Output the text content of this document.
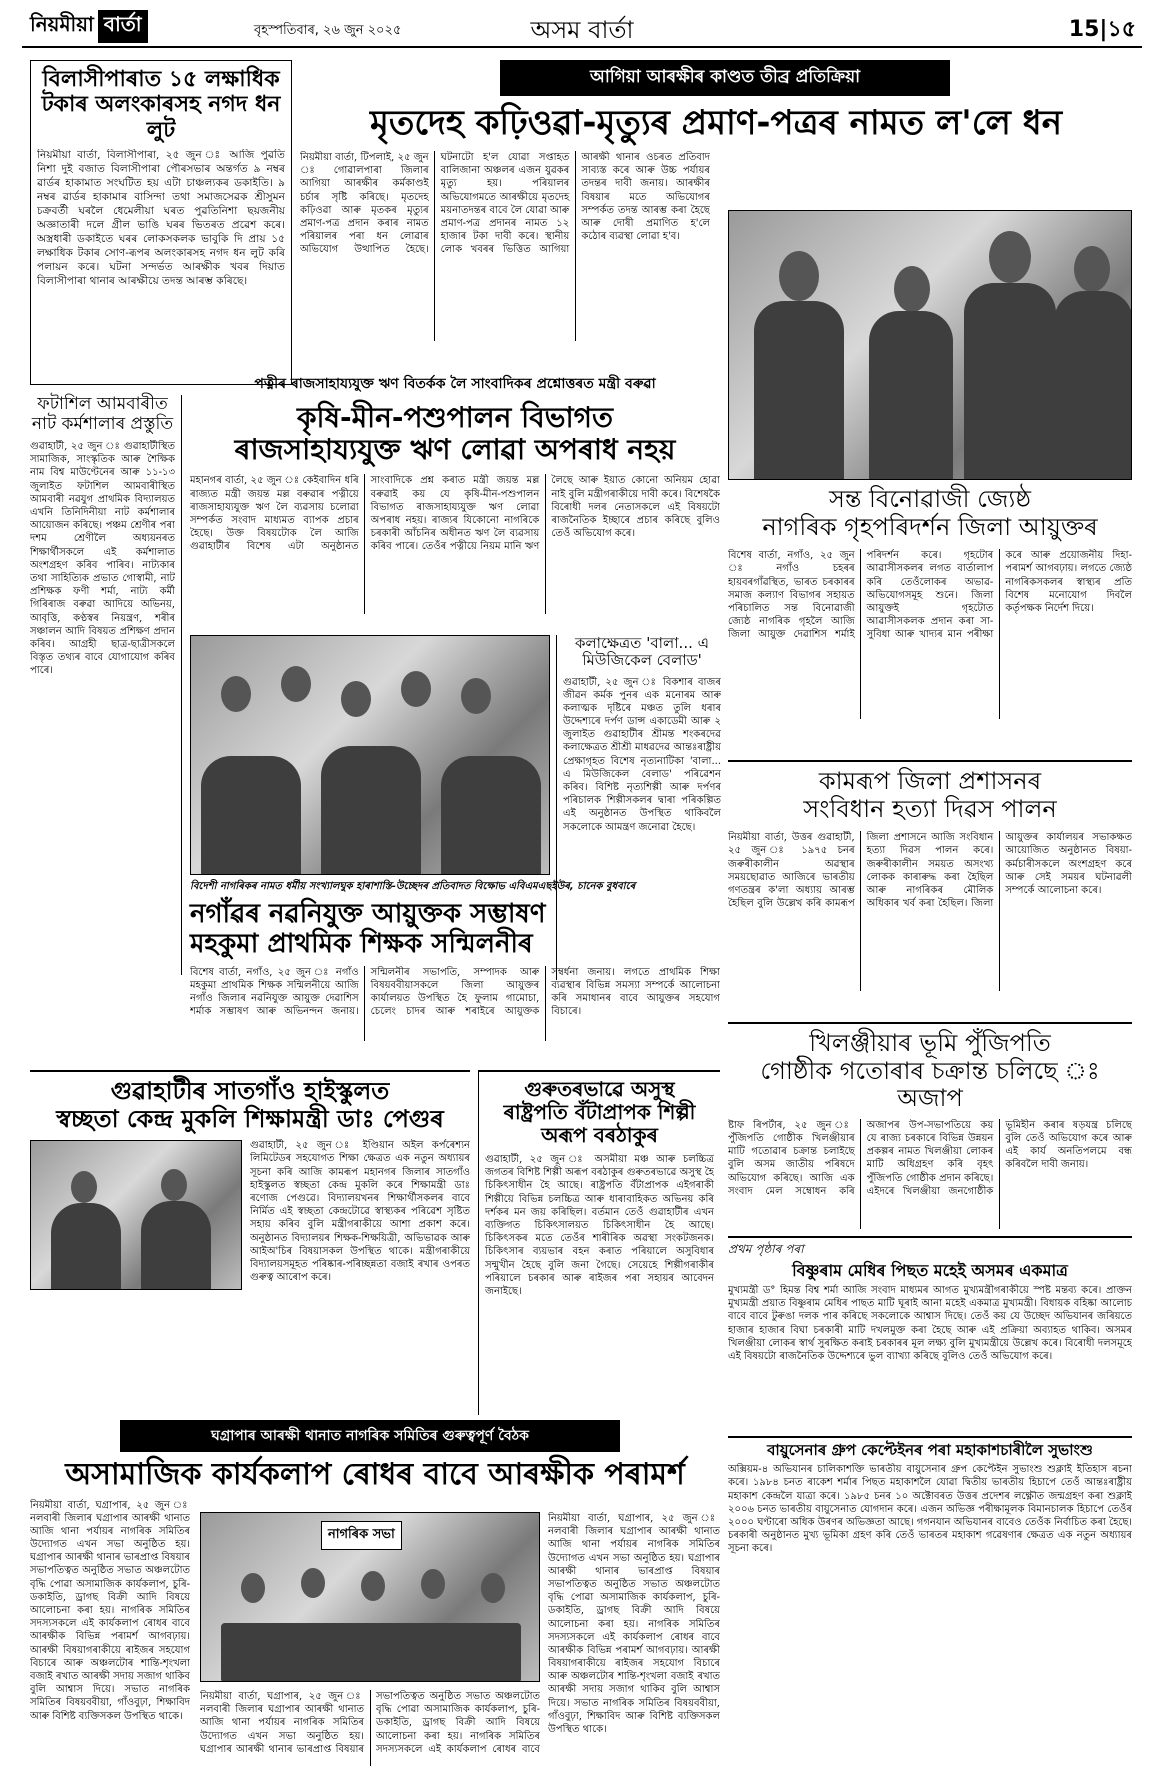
নিয়মীয়া বাৰ্তা	বৃহস্পতিবাৰ, ২৬ জুন ২০২৫	অসম বাৰ্তা	15|১৫
বিলাসীপাৰাত ১৫ লক্ষাধিক টকাৰ অলংকাৰসহ নগদ ধন লুট
নিয়মীয়া বাৰ্তা, বিলাসীপাৰা, ২৫ জুন ঃ আজি পুৱতি নিশা দুই বজাত বিলাসীপাৰা পৌৰসভাৰ অন্তৰ্গত ৯ নম্বৰ ৱাৰ্ডৰ হাকামাত সংঘটিত হয় এটা চাঞ্চল্যকৰ ডকাইতি। ৯ নম্বৰ ৱাৰ্ডৰ হাকামাৰ বাসিন্দা তথা সমাজসেৱক শ্ৰীসুমন চক্ৰবৰ্তী ঘৰলৈ ধেমেলীয়া ঘৰত পুৱতিনিশা ছয়জনীয় অজ্ঞাতাৰী দলে গ্ৰীল ভাঙি ঘৰৰ ভিতৰত প্ৰৱেশ কৰে। অস্ত্ৰধাৰী ডকাইতে ঘৰৰ লোকসকলক ভাবুকি দি প্ৰায় ১৫ লক্ষাধিক টকাৰ সোণ-ৰূপৰ অলংকাৰসহ নগদ ধন লুট কৰি পলায়ন কৰে। ঘটনা সন্দৰ্ভত আৰক্ষীক খবৰ দিয়াত বিলাসীপাৰা থানাৰ আৰক্ষীয়ে তদন্ত আৰম্ভ কৰিছে।
আগিয়া আৰক্ষীৰ কাণ্ডত তীব্ৰ প্ৰতিক্ৰিয়া
মৃতদেহ কঢ়িওৱা-মৃত্যুৰ প্ৰমাণ-পত্ৰৰ নামত ল'লে ধন
নিয়মীয়া বাৰ্তা, টিপলাই, ২৫ জুন ঃ গোৱালপাৰা জিলাৰ আগিয়া আৰক্ষীৰ কৰ্মকাণ্ডই চৰ্চাৰ সৃষ্টি কৰিছে। মৃতদেহ কঢ়িওৱা আৰু মৃতকৰ মৃত্যুৰ প্ৰমাণ-পত্ৰ প্ৰদান কৰাৰ নামত পৰিয়ালৰ পৰা ধন লোৱাৰ অভিযোগ উত্থাপিত হৈছে। ঘটনাটো হ'ল যোৱা সপ্তাহত বালিজানা অঞ্চলৰ এজন যুৱকৰ মৃত্যু হয়। পৰিয়ালৰ অভিযোগমতে আৰক্ষীয়ে মৃতদেহ ময়নাতদন্তৰ বাবে লৈ যোৱা আৰু প্ৰমাণ-পত্ৰ প্ৰদানৰ নামত ১২ হাজাৰ টকা দাবী কৰে। স্থানীয় লোক খবৰৰ ভিত্তিত আগিয়া আৰক্ষী থানাৰ ওচৰত প্ৰতিবাদ সাব্যস্ত কৰে আৰু উচ্চ পৰ্যায়ৰ তদন্তৰ দাবী জনায়। আৰক্ষীৰ বিষয়াৰ মতে অভিযোগৰ সম্পৰ্কত তদন্ত আৰম্ভ কৰা হৈছে আৰু দোষী প্ৰমাণিত হ'লে কঠোৰ ব্যৱস্থা লোৱা হ'ব।
পত্নীৰ ৰাজসাহায্যযুক্ত ঋণ বিতৰ্কক লৈ সাংবাদিকৰ প্ৰশ্নোত্তৰত মন্ত্ৰী বৰুৱা
কৃষি-মীন-পশুপালন বিভাগত
ৰাজসাহায্যযুক্ত ঋণ লোৱা অপৰাধ নহয়
মহানগৰ বাৰ্তা, ২৫ জুন ঃ কেইবাদিন ধৰি ৰাজ্যত মন্ত্ৰী জয়ন্ত মল্ল বৰুৱাৰ পত্নীয়ে ৰাজসাহায্যযুক্ত ঋণ লৈ ব্যৱসায় চলোৱা সম্পৰ্কত সংবাদ মাধ্যমত ব্যাপক প্ৰচাৰ হৈছে। উক্ত বিষয়টোক লৈ আজি গুৱাহাটীৰ বিশেষ এটা অনুষ্ঠানত সাংবাদিকে প্ৰশ্ন কৰাত মন্ত্ৰী জয়ন্ত মল্ল বৰুৱাই কয় যে কৃষি-মীন-পশুপালন বিভাগত ৰাজসাহায্যযুক্ত ঋণ লোৱা অপৰাধ নহয়। ৰাজ্যৰ যিকোনো নাগৰিকে চৰকাৰী আঁচনিৰ অধীনত ঋণ লৈ ব্যৱসায় কৰিব পাৰে। তেওঁৰ পত্নীয়ে নিয়ম মানি ঋণ লৈছে আৰু ইয়াত কোনো অনিয়ম হোৱা নাই বুলি মন্ত্ৰীগৰাকীয়ে দাবী কৰে। বিশেষকৈ বিৰোধী দলৰ নেতাসকলে এই বিষয়টো ৰাজনৈতিক ইচ্ছাৰে প্ৰচাৰ কৰিছে বুলিও তেওঁ অভিযোগ কৰে।
বিদেশী নাগৰিকৰ নামত ধৰ্মীয় সংখ্যালঘুক হাৰাশাস্তি-উচ্ছেদৰ প্ৰতিবাদত বিক্ষোভ এবিএমএছইউৰ, চানেক বুধবাৰে
কলাক্ষেত্ৰত 'বালা... এ মিউজিকেল বেলাড'
গুৱাহাটী, ২৫ জুন ঃ বিকশাৰ বাজৰ জীৱন কৰ্মক পুনৰ এক মনোৰম আৰু কলাত্মক দৃষ্টিৰে মঞ্চত তুলি ধৰাৰ উদ্দেশ্যৰে দৰ্পণ ডান্স একাডেমী আৰু ২ জুলাইত গুৱাহাটীৰ শ্ৰীমন্ত শংকৰদেৱ কলাক্ষেত্ৰত শ্ৰীশ্ৰী মাধৱদেৱ আন্তঃৰাষ্ট্ৰীয় প্ৰেক্ষাগৃহত বিশেষ নৃত্যনাটিকা 'বালা... এ মিউজিকেল বেলাড' পৰিৱেশন কৰিব। বিশিষ্ট নৃত্যশিল্পী আৰু দৰ্পণৰ পৰিচালক শিল্পীসকলৰ দ্বাৰা পৰিকল্পিত এই অনুষ্ঠানত উপস্থিত থাকিবলৈ সকলোকে আমন্ত্ৰণ জনোৱা হৈছে।
ফটাশিল আমবাৰীত নাট কৰ্মশালাৰ প্ৰস্তুতি
গুৱাহাটী, ২৫ জুন ঃ গুৱাহাটীস্থিত সামাজিক, সাংস্কৃতিক আৰু শৈক্ষিক নাম বিশ্ব মাউণ্টেনেৰ আৰু ১১-১৩ জুলাইত ফটাশিল আমবাৰীস্থিত আমবাৰী নৱযুগ প্ৰাথমিক বিদ্যালয়ত এখনি তিনিদিনীয়া নাট কৰ্মশালাৰ আয়োজন কৰিছে। পঞ্চম শ্ৰেণীৰ পৰা দশম শ্ৰেণীলৈ অধ্যয়নৰত শিক্ষাৰ্থীসকলে এই কৰ্মশালাত অংশগ্ৰহণ কৰিব পাৰিব। নাট্যকাৰ তথা সাহিত্যিক প্ৰভাত গোস্বামী, নাট প্ৰশিক্ষক ফণী শৰ্মা, নাট্য কৰ্মী গিৰিৰাজ বৰুৱা আদিয়ে অভিনয়, আবৃত্তি, কণ্ঠস্বৰ নিয়ন্ত্ৰণ, শৰীৰ সঞ্চালন আদি বিষয়ত প্ৰশিক্ষণ প্ৰদান কৰিব। আগ্ৰহী ছাত্ৰ-ছাত্ৰীসকলে বিস্তৃত তথ্যৰ বাবে যোগাযোগ কৰিব পাৰে।
সন্ত বিনোৱাজী জ্যেষ্ঠ
নাগৰিক গৃহপৰিদৰ্শন জিলা আয়ুক্তৰ
বিশেষ বাৰ্তা, নগাঁও, ২৫ জুন ঃ নগাঁও চহৰৰ হায়বৰগাঁৱস্থিত, ভাৰত চৰকাৰৰ সমাজ কল্যাণ বিভাগৰ সহায়ত পৰিচালিত সন্ত বিনোৱাজী জ্যেষ্ঠ নাগৰিক গৃহলৈ আজি জিলা আয়ুক্ত দেৱাশিস শৰ্মাই পৰিদৰ্শন কৰে। গৃহটোৰ আৱাসীসকলৰ লগত বাৰ্তালাপ কৰি তেওঁলোকৰ অভাৱ-অভিযোগসমূহ শুনে। জিলা আয়ুক্তই গৃহটোত আৱাসীসকলক প্ৰদান কৰা সা-সুবিধা আৰু খাদ্যৰ মান পৰীক্ষা কৰে আৰু প্ৰয়োজনীয় দিহা-পৰামৰ্শ আগবঢ়ায়। লগতে জ্যেষ্ঠ নাগৰিকসকলৰ স্বাস্থ্যৰ প্ৰতি বিশেষ মনোযোগ দিবলৈ কৰ্তৃপক্ষক নিৰ্দেশ দিয়ে।
কামৰূপ জিলা প্ৰশাসনৰ
সংবিধান হত্যা দিৱস পালন
নিয়মীয়া বাৰ্তা, উত্তৰ গুৱাহাটী, ২৫ জুন ঃ ১৯৭৫ চনৰ জৰুৰীকালীন অৱস্থাৰ সময়ছোৱাত আজিৰে ভাৰতীয় গণতন্ত্ৰৰ ক'লা অধ্যায় আৰম্ভ হৈছিল বুলি উল্লেখ কৰি কামৰূপ জিলা প্ৰশাসনে আজি সংবিধান হত্যা দিৱস পালন কৰে। জৰুৰীকালীন সময়ত অসংখ্য লোকক কাৰাৰুদ্ধ কৰা হৈছিল আৰু নাগৰিকৰ মৌলিক অধিকাৰ খৰ্ব কৰা হৈছিল। জিলা আয়ুক্তৰ কাৰ্যালয়ৰ সভাকক্ষত আয়োজিত অনুষ্ঠানত বিষয়া-কৰ্মচাৰীসকলে অংশগ্ৰহণ কৰে আৰু সেই সময়ৰ ঘটনাৱলী সম্পৰ্কে আলোচনা কৰে।
নগাঁৱৰ নৱনিযুক্ত আয়ুক্তক সম্ভাষণ
মহকুমা প্ৰাথমিক শিক্ষক সন্মিলনীৰ
বিশেষ বাৰ্তা, নগাঁও, ২৫ জুন ঃ নগাঁও মহকুমা প্ৰাথমিক শিক্ষক সন্মিলনীয়ে আজি নগাঁও জিলাৰ নৱনিযুক্ত আয়ুক্ত দেৱাশিস শৰ্মাক সম্ভাষণ আৰু অভিনন্দন জনায়। সন্মিলনীৰ সভাপতি, সম্পাদক আৰু বিষয়ববীয়াসকলে জিলা আয়ুক্তৰ কাৰ্যালয়ত উপস্থিত হৈ ফুলাম গামোচা, চেলেং চাদৰ আৰু শৰাইৰে আয়ুক্তক সম্বৰ্ধনা জনায়। লগতে প্ৰাথমিক শিক্ষা ব্যৱস্থাৰ বিভিন্ন সমস্যা সম্পৰ্কে আলোচনা কৰি সমাধানৰ বাবে আয়ুক্তৰ সহযোগ বিচাৰে।
খিলঞ্জীয়াৰ ভূমি পুঁজিপতি
গোষ্ঠীক গতোৰাৰ চক্ৰান্ত চলিছে ঃ অজাপ
ষ্টাফ ৰিপৰ্টাৰ, ২৫ জুন ঃ পুঁজিপতি গোষ্ঠীক খিলঞ্জীয়াৰ মাটি গতোৱাৰ চক্ৰান্ত চলাইছে বুলি অসম জাতীয় পৰিষদে অভিযোগ কৰিছে। আজি এক সংবাদ মেল সম্বোধন কৰি অজাপৰ উপ-সভাপতিয়ে কয় যে ৰাজ্য চৰকাৰে বিভিন্ন উন্নয়ন প্ৰকল্পৰ নামত খিলঞ্জীয়া লোকৰ মাটি অধিগ্ৰহণ কৰি বৃহৎ পুঁজিপতি গোষ্ঠীক প্ৰদান কৰিছে। এইদৰে খিলঞ্জীয়া জনগোষ্ঠীক ভূমিহীন কৰাৰ ষড়যন্ত্ৰ চলিছে বুলি তেওঁ অভিযোগ কৰে আৰু এই কাৰ্য অনতিপলমে বন্ধ কৰিবলৈ দাবী জনায়।
গুৱাহাটীৰ সাতগাঁও হাইস্কুলত
স্বচ্ছতা কেন্দ্ৰ মুকলি শিক্ষামন্ত্ৰী ডাঃ পেগুৰ
গুৱাহাটী, ২৫ জুন ঃ ইণ্ডিয়ান অইল কৰ্পৰেশ্যন লিমিটেডৰ সহযোগত শিক্ষা ক্ষেত্ৰত এক নতুন অধ্যায়ৰ সূচনা কৰি আজি কামৰূপ মহানগৰ জিলাৰ সাতগাঁও হাইস্কুলত স্বচ্ছতা কেন্দ্ৰ মুকলি কৰে শিক্ষামন্ত্ৰী ডাঃ ৰণোজ পেগুৱে। বিদ্যালয়খনৰ শিক্ষাৰ্থীসকলৰ বাবে নিৰ্মিত এই স্বচ্ছতা কেন্দ্ৰটোৱে স্বাস্থ্যকৰ পৰিৱেশ সৃষ্টিত সহায় কৰিব বুলি মন্ত্ৰীগৰাকীয়ে আশা প্ৰকাশ কৰে। অনুষ্ঠানত বিদ্যালয়ৰ শিক্ষক-শিক্ষয়িত্ৰী, অভিভাৱক আৰু আইঅ'চিৰ বিষয়াসকল উপস্থিত থাকে। মন্ত্ৰীগৰাকীয়ে বিদ্যালয়সমূহত পৰিষ্কাৰ-পৰিচ্ছন্নতা বজাই ৰখাৰ ওপৰত গুৰুত্ব আৰোপ কৰে।
গুৰুতৰভাৱে অসুস্থ
ৰাষ্ট্ৰপতি বঁটাপ্ৰাপক শিল্পী
অৰূপ বৰঠাকুৰ
গুৱাহাটী, ২৫ জুন ঃ অসমীয়া মঞ্চ আৰু চলচ্চিত্ৰ জগতৰ বিশিষ্ট শিল্পী অৰূপ বৰঠাকুৰ গুৰুতৰভাৱে অসুস্থ হৈ চিকিৎসাধীন হৈ আছে। ৰাষ্ট্ৰপতি বঁটাপ্ৰাপক এইগৰাকী শিল্পীয়ে বিভিন্ন চলচ্চিত্ৰ আৰু ধাৰাবাহিকত অভিনয় কৰি দৰ্শকৰ মন জয় কৰিছিল। বৰ্তমান তেওঁ গুৱাহাটীৰ এখন ব্যক্তিগত চিকিৎসালয়ত চিকিৎসাধীন হৈ আছে। চিকিৎসকৰ মতে তেওঁৰ শাৰীৰিক অৱস্থা সংকটজনক। চিকিৎসাৰ ব্যয়ভাৰ বহন কৰাত পৰিয়ালে অসুবিধাৰ সন্মুখীন হৈছে বুলি জনা গৈছে। সেয়েহে শিল্পীগৰাকীৰ পৰিয়ালে চৰকাৰ আৰু ৰাইজৰ পৰা সহায়ৰ আবেদন জনাইছে।
প্ৰথম পৃষ্ঠাৰ পৰা
বিষ্ণুৰাম মেধিৰ পিছত মহেই অসমৰ একমাত্ৰ
মুখ্যমন্ত্ৰী ড° হিমন্ত বিশ্ব শৰ্মা আজি সংবাদ মাধ্যমৰ আগত মুখ্যমন্ত্ৰীগৰাকীয়ে স্পষ্ট মন্তব্য কৰে। প্ৰাক্তন মুখ্যমন্ত্ৰী প্ৰয়াত বিষ্ণুৰাম মেধিৰ পাছত মাটি ঘূৰাই আনা মহেই একমাত্ৰ মুখ্যমন্ত্ৰী। বিধায়ক বহিষ্কা আলোচ বাবে বাবে টুৰুঙা দলক পাৰ কৰিছে সকলোকে আশ্বাস দিছে। তেওঁ কয় যে উচ্ছেদ অভিযানৰ জৰিয়তে হাজাৰ হাজাৰ বিঘা চৰকাৰী মাটি দখলমুক্ত কৰা হৈছে আৰু এই প্ৰক্ৰিয়া অব্যাহত থাকিব। অসমৰ খিলঞ্জীয়া লোকৰ স্বাৰ্থ সুৰক্ষিত কৰাই চৰকাৰৰ মূল লক্ষ্য বুলি মুখ্যমন্ত্ৰীয়ে উল্লেখ কৰে। বিৰোধী দলসমূহে এই বিষয়টো ৰাজনৈতিক উদ্দেশ্যৰে ভুল ব্যাখ্যা কৰিছে বুলিও তেওঁ অভিযোগ কৰে।
বায়ুসেনাৰ গ্ৰুপ কেপ্টেইনৰ পৰা মহাকাশচাৰীলৈ সুভাংশু
অক্সিয়ম-৪ অভিযানৰ চালিকাশক্তি ভাৰতীয় বায়ুসেনাৰ গ্ৰুপ কেপ্টেইন সুভাংশু শুক্লাই ইতিহাস ৰচনা কৰে। ১৯৮৪ চনত ৰাকেশ শৰ্মাৰ পিছত মহাকাশলৈ যোৱা দ্বিতীয় ভাৰতীয় হিচাপে তেওঁ আন্তঃৰাষ্ট্ৰীয় মহাকাশ কেন্দ্ৰলৈ যাত্ৰা কৰে। ১৯৮৫ চনৰ ১০ অক্টোবৰত উত্তৰ প্ৰদেশৰ লক্ষ্ণৌত জন্মগ্ৰহণ কৰা শুক্লাই ২০০৬ চনত ভাৰতীয় বায়ুসেনাত যোগদান কৰে। এজন অভিজ্ঞ পৰীক্ষামূলক বিমানচালক হিচাপে তেওঁৰ ২০০০ ঘণ্টাৰো অধিক উৰণৰ অভিজ্ঞতা আছে। গগনযান অভিযানৰ বাবেও তেওঁক নিৰ্বাচিত কৰা হৈছে। চৰকাৰী অনুষ্ঠানত মুখ্য ভূমিকা গ্ৰহণ কৰি তেওঁ ভাৰতৰ মহাকাশ গৱেষণাৰ ক্ষেত্ৰত এক নতুন অধ্যায়ৰ সূচনা কৰে।
ঘগ্ৰাপাৰ আৰক্ষী থানাত নাগৰিক সমিতিৰ গুৰুত্বপূৰ্ণ বৈঠক
অসামাজিক কাৰ্যকলাপ ৰোধৰ বাবে আৰক্ষীক পৰামৰ্শ
নিয়মীয়া বাৰ্তা, ঘগ্ৰাপাৰ, ২৫ জুন ঃ নলবাৰী জিলাৰ ঘগ্ৰাপাৰ আৰক্ষী থানাত আজি থানা পৰ্যায়ৰ নাগৰিক সমিতিৰ উদ্যোগত এখন সভা অনুষ্ঠিত হয়। ঘগ্ৰাপাৰ আৰক্ষী থানাৰ ভাৰপ্ৰাপ্ত বিষয়াৰ সভাপতিত্বত অনুষ্ঠিত সভাত অঞ্চলটোত বৃদ্ধি পোৱা অসামাজিক কাৰ্যকলাপ, চুৰি-ডকাইতি, ড্ৰাগছ বিক্ৰী আদি বিষয়ে আলোচনা কৰা হয়। নাগৰিক সমিতিৰ সদস্যসকলে এই কাৰ্যকলাপ ৰোধৰ বাবে আৰক্ষীক বিভিন্ন পৰামৰ্শ আগবঢ়ায়। আৰক্ষী বিষয়াগৰাকীয়ে ৰাইজৰ সহযোগ বিচাৰে আৰু অঞ্চলটোৰ শান্তি-শৃংখলা বজাই ৰখাত আৰক্ষী সদায় সজাগ থাকিব বুলি আশ্বাস দিয়ে। সভাত নাগৰিক সমিতিৰ বিষয়ববীয়া, গাঁওবুঢ়া, শিক্ষাবিদ আৰু বিশিষ্ট ব্যক্তিসকল উপস্থিত থাকে।
নাগৰিক সভা
নিয়মীয়া বাৰ্তা, ঘগ্ৰাপাৰ, ২৫ জুন ঃ নলবাৰী জিলাৰ ঘগ্ৰাপাৰ আৰক্ষী থানাত আজি থানা পৰ্যায়ৰ নাগৰিক সমিতিৰ উদ্যোগত এখন সভা অনুষ্ঠিত হয়। ঘগ্ৰাপাৰ আৰক্ষী থানাৰ ভাৰপ্ৰাপ্ত বিষয়াৰ সভাপতিত্বত অনুষ্ঠিত সভাত অঞ্চলটোত বৃদ্ধি পোৱা অসামাজিক কাৰ্যকলাপ, চুৰি-ডকাইতি, ড্ৰাগছ বিক্ৰী আদি বিষয়ে আলোচনা কৰা হয়। নাগৰিক সমিতিৰ সদস্যসকলে এই কাৰ্যকলাপ ৰোধৰ বাবে আৰক্ষীক বিভিন্ন পৰামৰ্শ আগবঢ়ায়। আৰক্ষী বিষয়াগৰাকীয়ে ৰাইজৰ সহযোগ বিচাৰে আৰু অঞ্চলটোৰ শান্তি-শৃংখলা বজাই ৰখাত আৰক্ষী সদায় সজাগ থাকিব বুলি আশ্বাস দিয়ে। সভাত নাগৰিক সমিতিৰ বিষয়ববীয়া, গাঁওবুঢ়া, শিক্ষাবিদ আৰু বিশিষ্ট ব্যক্তিসকল উপস্থিত থাকে।
নিয়মীয়া বাৰ্তা, ঘগ্ৰাপাৰ, ২৫ জুন ঃ নলবাৰী জিলাৰ ঘগ্ৰাপাৰ আৰক্ষী থানাত আজি থানা পৰ্যায়ৰ নাগৰিক সমিতিৰ উদ্যোগত এখন সভা অনুষ্ঠিত হয়। ঘগ্ৰাপাৰ আৰক্ষী থানাৰ ভাৰপ্ৰাপ্ত বিষয়াৰ সভাপতিত্বত অনুষ্ঠিত সভাত অঞ্চলটোত বৃদ্ধি পোৱা অসামাজিক কাৰ্যকলাপ, চুৰি-ডকাইতি, ড্ৰাগছ বিক্ৰী আদি বিষয়ে আলোচনা কৰা হয়। নাগৰিক সমিতিৰ সদস্যসকলে এই কাৰ্যকলাপ ৰোধৰ বাবে
